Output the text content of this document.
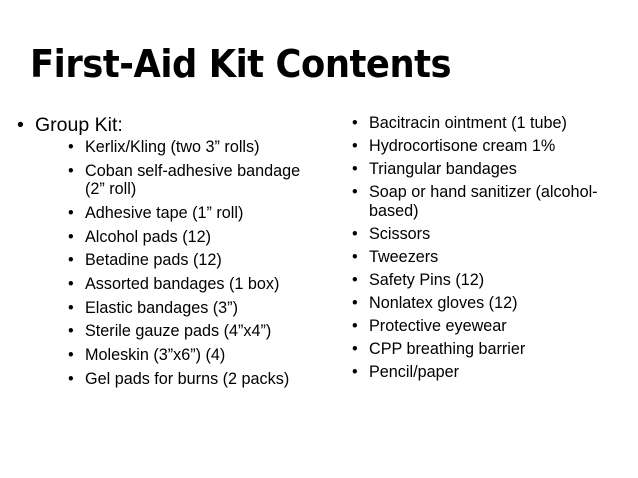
First-Aid Kit Contents
• Group Kit:
• Kerlix/Kling (two 3” rolls)
• Coban self-adhesive bandage (2” roll)
• Adhesive tape (1” roll)
• Alcohol pads (12)
• Betadine pads (12)
• Assorted bandages (1 box)
• Elastic bandages (3”)
• Sterile gauze pads (4”x4”)
• Moleskin (3”x6”) (4)
• Gel pads for burns (2 packs)
• Bacitracin ointment (1 tube)
• Hydrocortisone cream 1%
• Triangular bandages
• Soap or hand sanitizer (alcohol-based)
• Scissors
• Tweezers
• Safety Pins (12)
• Nonlatex gloves (12)
• Protective eyewear
• CPP breathing barrier
• Pencil/paper
